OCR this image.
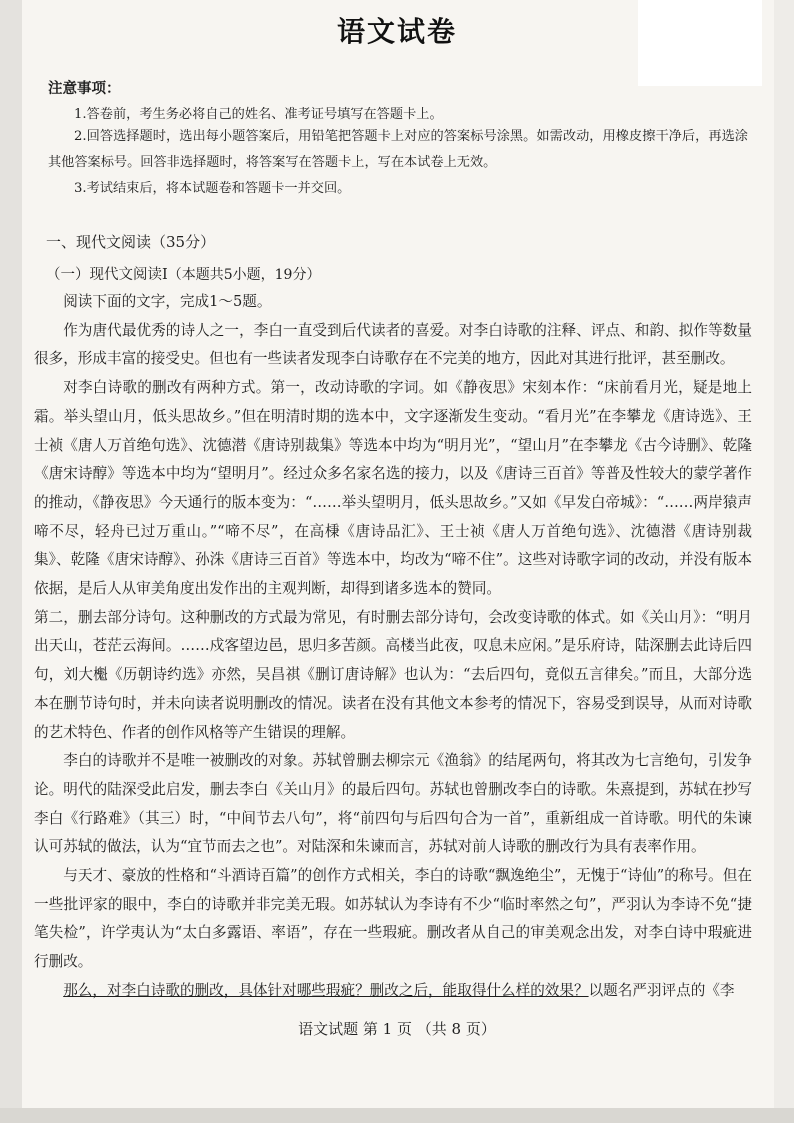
语文试卷
注意事项：
1.答卷前，考生务必将自己的姓名、准考证号填写在答题卡上。
2.回答选择题时，选出每小题答案后，用铅笔把答题卡上对应的答案标号涂黑。如需改动，用橡皮擦干净后，再选涂其他答案标号。回答非选择题时，将答案写在答题卡上，写在本试卷上无效。
3.考试结束后，将本试题卷和答题卡一并交回。
一、现代文阅读（35分）
（一）现代文阅读Ⅰ（本题共5小题，19分）

阅读下面的文字，完成1～5题。

作为唐代最优秀的诗人之一，李白一直受到后代读者的喜爱。对李白诗歌的注释、评点、和韵、拟作等数量很多，形成丰富的接受史。但也有一些读者发现李白诗歌存在不完美的地方，因此对其进行批评，甚至删改。

对李白诗歌的删改有两种方式。第一，改动诗歌的字词。如《静夜思》宋刻本作：“床前看月光，疑是地上霜。举头望山月，低头思故乡。”但在明清时期的选本中，文字逐渐发生变动。“看月光”在李攀龙《唐诗选》、王士祯《唐人万首绝句选》、沈德潜《唐诗别裁集》等选本中均为“明月光”，“望山月”在李攀龙《古今诗删》、乾隆《唐宋诗醇》等选本中均为“望明月”。经过众多名家名选的接力，以及《唐诗三百首》等普及性较大的蒙学著作的推动，《静夜思》今天通行的版本变为：“……举头望明月，低头思故乡。”又如《早发白帝城》：“……两岸猿声啼不尽，轻舟已过万重山。”“啼不尽”，在高棅《唐诗品汇》、王士祯《唐人万首绝句选》、沈德潜《唐诗别裁集》、乾隆《唐宋诗醇》、孙洙《唐诗三百首》等选本中，均改为“啼不住”。这些对诗歌字词的改动，并没有版本依据，是后人从审美角度出发作出的主观判断，却得到诸多选本的赞同。

第二，删去部分诗句。这种删改的方式最为常见，有时删去部分诗句，会改变诗歌的体式。如《关山月》：“明月出天山，苍茫云海间。……戍客望边邑，思归多苦颜。高楼当此夜，叹息未应闲。”是乐府诗，陆深删去此诗后四句，刘大櫆《历朝诗约选》亦然，吴昌祺《删订唐诗解》也认为：“去后四句，竟似五言律矣。”而且，大部分选本在删节诗句时，并未向读者说明删改的情况。读者在没有其他文本参考的情况下，容易受到误导，从而对诗歌的艺术特色、作者的创作风格等产生错误的理解。

李白的诗歌并不是唯一被删改的对象。苏轼曾删去柳宗元《渔翁》的结尾两句，将其改为七言绝句，引发争论。明代的陆深受此启发，删去李白《关山月》的最后四句。苏轼也曾删改李白的诗歌。朱熹提到，苏轼在抄写李白《行路难》（其三）时，“中间节去八句”，将“前四句与后四句合为一首”，重新组成一首诗歌。明代的朱谏认可苏轼的做法，认为“宜节而去之也”。对陆深和朱谏而言，苏轼对前人诗歌的删改行为具有表率作用。

与天才、豪放的性格和“斗酒诗百篇”的创作方式相关，李白的诗歌“飘逸绝尘”，无愧于“诗仙”的称号。但在一些批评家的眼中，李白的诗歌并非完美无瑕。如苏轼认为李诗有不少“临时率然之句”，严羽认为李诗不免“捷笔失检”，许学夷认为“太白多露语、率语”，存在一些瑕疵。删改者从自己的审美观念出发，对李白诗中瑕疵进行删改。

那么，对李白诗歌的删改，具体针对哪些瑕疵？删改之后，能取得什么样的效果？以题名严羽评点的《李

语文试题 第 1 页 （共 8 页）
